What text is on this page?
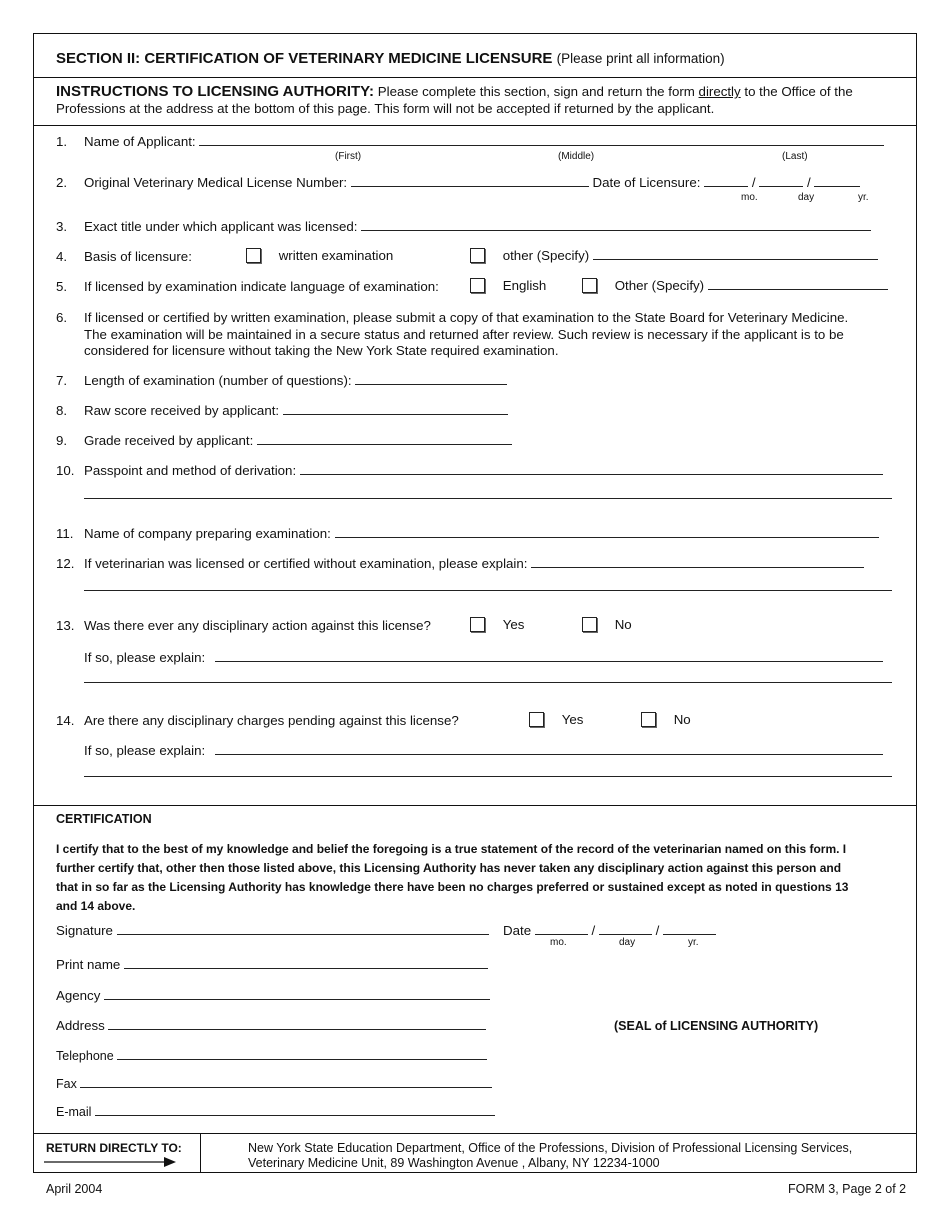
SECTION II: CERTIFICATION OF VETERINARY MEDICINE LICENSURE (Please print all information)
INSTRUCTIONS TO LICENSING AUTHORITY: Please complete this section, sign and return the form directly to the Office of the
Professions at the address at the bottom of this page. This form will not be accepted if returned by the applicant.
1. Name of Applicant:
(First)	(Middle)	(Last)
2. Original Veterinary Medical License Number:	Date of Licensure:	/	/
mo.	day	yr.
3. Exact title under which applicant was licensed:
4. Basis of licensure:	written examination	other (Specify)
5. If licensed by examination indicate language of examination:	English	Other (Specify)
6. If licensed or certified by written examination, please submit a copy of that examination to the State Board for Veterinary Medicine.
The examination will be maintained in a secure status and returned after review. Such review is necessary if the applicant is to be
considered for licensure without taking the New York State required examination.
7. Length of examination (number of questions):
8. Raw score received by applicant:
9. Grade received by applicant:
10. Passpoint and method of derivation:
11. Name of company preparing examination:
12. If veterinarian was licensed or certified without examination, please explain:
13. Was there ever any disciplinary action against this license?	Yes	No
If so, please explain:
14. Are there any disciplinary charges pending against this license?	Yes	No
If so, please explain:
CERTIFICATION
I certify that to the best of my knowledge and belief the foregoing is a true statement of the record of the veterinarian named on this form. I
further certify that, other then those listed above, this Licensing Authority has never taken any disciplinary action against this person and
that in so far as the Licensing Authority has knowledge there have been no charges preferred or sustained except as noted in questions 13
and 14 above.
Signature	Date	/	/
mo.	day	yr.
Print name
Agency
Address	(SEAL of LICENSING AUTHORITY)
Telephone
Fax
E-mail
RETURN DIRECTLY TO:	New York State Education Department, Office of the Professions, Division of Professional Licensing Services,
Veterinary Medicine Unit, 89 Washington Avenue , Albany, NY 12234-1000
April 2004	FORM 3, Page 2 of 2
